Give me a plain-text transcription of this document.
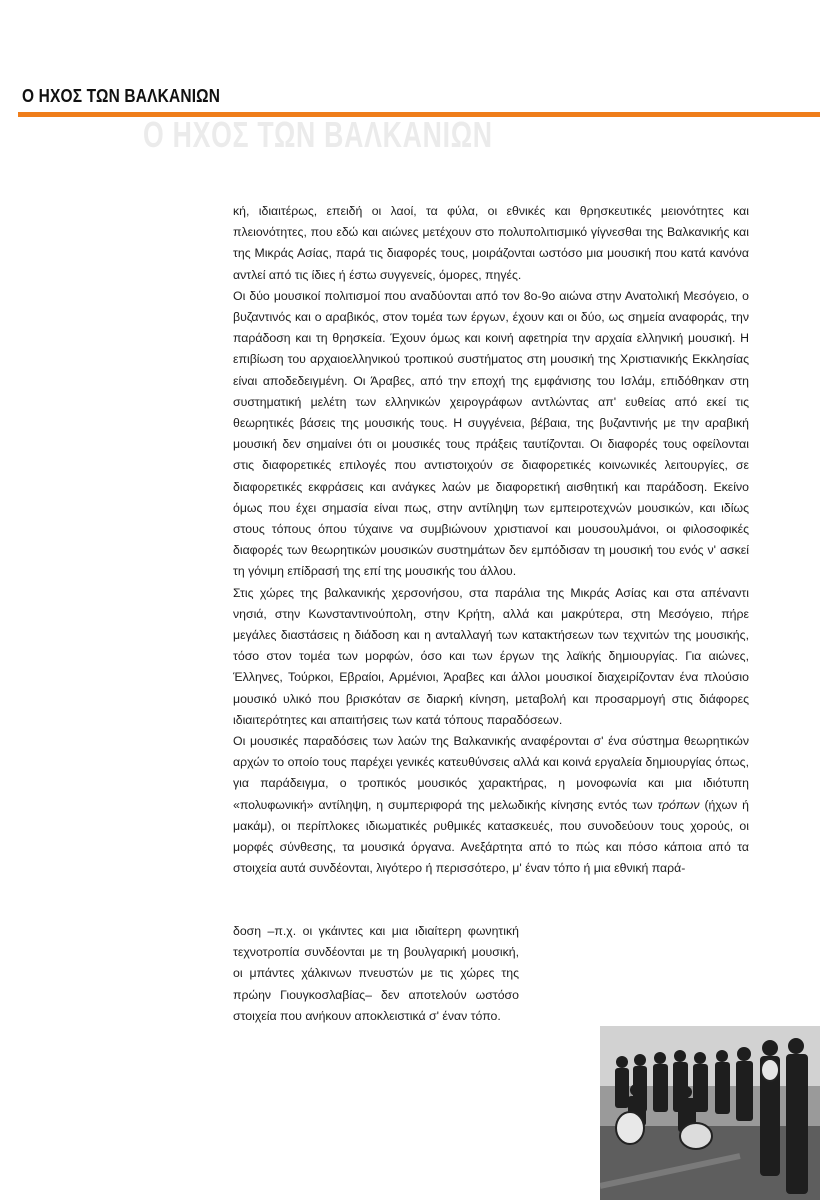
Ο ΗΧΟΣ ΤΩΝ ΒΑΛΚΑΝΙΩΝ
Ο ΗΧΟΣ ΤΩΝ ΒΑΛΚΑΝΙΩΝ

κή, ιδιαιτέρως, επειδή οι λαοί, τα φύλα, οι εθνικές και θρησκευτικές μειονότητες και πλειονότητες, που εδώ και αιώνες μετέχουν στο πολυπολιτισμικό γίγνεσθαι της Βαλκανικής και της Μικράς Ασίας, παρά τις διαφορές τους, μοιράζονται ωστόσο μια μουσική που κατά κανόνα αντλεί από τις ίδιες ή έστω συγγενείς, όμορες, πηγές.

Οι δύο μουσικοί πολιτισμοί που αναδύονται από τον 8ο-9ο αιώνα στην Ανατολική Μεσόγειο, ο βυζαντινός και ο αραβικός, στον τομέα των έργων, έχουν και οι δύο, ως σημεία αναφοράς, την παράδοση και τη θρησκεία. Έχουν όμως και κοινή αφετηρία την αρχαία ελληνική μουσική. Η επιβίωση του αρχαιοελληνικού τροπικού συστήματος στη μουσική της Χριστιανικής Εκκλησίας είναι αποδεδειγμένη. Οι Άραβες, από την εποχή της εμφάνισης του Ισλάμ, επιδόθηκαν στη συστηματική μελέτη των ελληνικών χειρογράφων αντλώντας απ' ευθείας από εκεί τις θεωρητικές βάσεις της μουσικής τους. Η συγγένεια, βέβαια, της βυζαντινής με την αραβική μουσική δεν σημαίνει ότι οι μουσικές τους πράξεις ταυτίζονται. Οι διαφορές τους οφείλονται στις διαφορετικές επιλογές που αντιστοιχούν σε διαφορετικές κοινωνικές λειτουργίες, σε διαφορετικές εκφράσεις και ανάγκες λαών με διαφορετική αισθητική και παράδοση. Εκείνο όμως που έχει σημασία είναι πως, στην αντίληψη των εμπειροτεχνών μουσικών, και ιδίως στους τόπους όπου τύχαινε να συμβιώνουν χριστιανοί και μουσουλμάνοι, οι φιλοσοφικές διαφορές των θεωρητικών μουσικών συστημάτων δεν εμπόδισαν τη μουσική του ενός ν' ασκεί τη γόνιμη επίδρασή της επί της μουσικής του άλλου.

Στις χώρες της βαλκανικής χερσονήσου, στα παράλια της Μικράς Ασίας και στα απέναντι νησιά, στην Κωνσταντινούπολη, στην Κρήτη, αλλά και μακρύτερα, στη Μεσόγειο, πήρε μεγάλες διαστάσεις η διάδοση και η ανταλλαγή των κατακτήσεων των τεχνιτών της μουσικής, τόσο στον τομέα των μορφών, όσο και των έργων της λαϊκής δημιουργίας. Για αιώνες, Έλληνες, Τούρκοι, Εβραίοι, Αρμένιοι, Άραβες και άλλοι μουσικοί διαχειρίζονταν ένα πλούσιο μουσικό υλικό που βρισκόταν σε διαρκή κίνηση, μεταβολή και προσαρμογή στις διάφορες ιδιαιτερότητες και απαιτήσεις των κατά τόπους παραδόσεων.

Οι μουσικές παραδόσεις των λαών της Βαλκανικής αναφέρονται σ' ένα σύστημα θεωρητικών αρχών το οποίο τους παρέχει γενικές κατευθύνσεις αλλά και κοινά εργαλεία δημιουργίας όπως, για παράδειγμα, ο τροπικός μουσικός χαρακτήρας, η μονοφωνία και μια ιδιότυπη «πολυφωνική» αντίληψη, η συμπεριφορά της μελωδικής κίνησης εντός των τρόπων (ήχων ή μακάμ), οι περίπλοκες ιδιωματικές ρυθμικές κατασκευές, που συνοδεύουν τους χορούς, οι μορφές σύνθεσης, τα μουσικά όργανα. Ανεξάρτητα από το πώς και πόσο κάποια από τα στοιχεία αυτά συνδέονται, λιγότερο ή περισσότερο, μ' έναν τόπο ή μια εθνική παρά-

δοση –π.χ. οι γκάιντες και μια ιδιαίτερη φωνητική τεχνοτροπία συνδέονται με τη βουλγαρική μουσική, οι μπάντες χάλκινων πνευστών με τις χώρες της πρώην Γιουγκοσλαβίας– δεν αποτελούν ωστόσο στοιχεία που ανήκουν αποκλειστικά σ' έναν τόπο.
